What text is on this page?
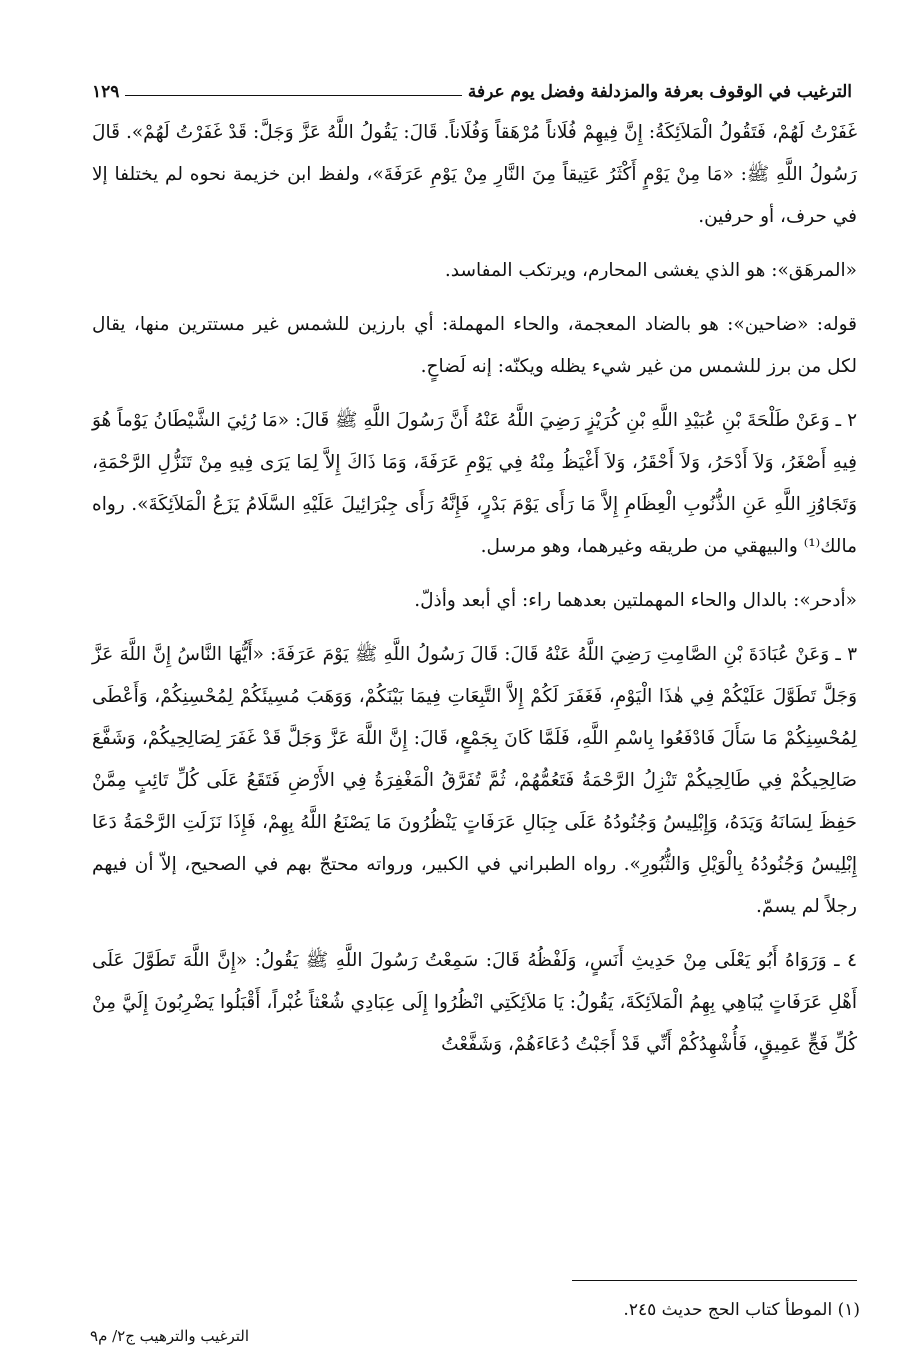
الترغيب في الوقوف بعرفة والمزدلفة وفضل يوم عرفة
١٢٩

غَفَرْتُ لَهُمْ، فَتَقُولُ الْمَلاَئِكَةُ: إِنَّ فِيهِمْ فُلَاناً مُرْهَقاً وَفُلَاناً. قَالَ: يَقُولُ اللَّهُ عَزَّ وَجَلَّ: قَدْ غَفَرْتُ لَهُمْ». قَالَ رَسُولُ اللَّهِ ﷺ: «مَا مِنْ يَوْمٍ أَكْثَرُ عَتِيقاً مِنَ النَّارِ مِنْ يَوْمِ عَرَفَةَ»، ولفظ ابن خزيمة نحوه لم يختلفا إلا في حرف، أو حرفين.

«المرهَق»: هو الذي يغشى المحارم، ويرتكب المفاسد.

قوله: «ضاحين»: هو بالضاد المعجمة، والحاء المهملة: أي بارزين للشمس غير مستترين منها، يقال لكل من برز للشمس من غير شيء يظله ويكنّه: إنه لَضاحٍ.

٢ ـ وَعَنْ طَلْحَةَ بْنِ عُبَيْدِ اللَّهِ بْنِ كُرَيْزٍ رَضِيَ اللَّهُ عَنْهُ أَنَّ رَسُولَ اللَّهِ ﷺ قَالَ: «مَا رُئِيَ الشَّيْطَانُ يَوْماً هُوَ فِيهِ أَصْغَرُ، وَلاَ أَدْحَرُ، وَلاَ أَحْقَرُ، وَلاَ أَغْيَظُ مِنْهُ فِي يَوْمِ عَرَفَةَ، وَمَا ذَاكَ إِلاَّ لِمَا يَرَى فِيهِ مِنْ تَنَزُّلِ الرَّحْمَةِ، وَتَجَاوُزِ اللَّهِ عَنِ الذُّنُوبِ الْعِظَامِ إِلاَّ مَا رَأَى يَوْمَ بَدْرٍ، فَإِنَّهُ رَأَى جِبْرَائِيلَ عَلَيْهِ السَّلَامُ يَزَعُ الْمَلاَئِكَةَ». رواه مالك⁽¹⁾ والبيهقي من طريقه وغيرهما، وهو مرسل.

«أدحر»: بالدال والحاء المهملتين بعدهما راء: أي أبعد وأذلّ.

٣ ـ وَعَنْ عُبَادَةَ بْنِ الصَّامِتِ رَضِيَ اللَّهُ عَنْهُ قَالَ: قَالَ رَسُولُ اللَّهِ ﷺ يَوْمَ عَرَفَةَ: «أَيُّهَا النَّاسُ إِنَّ اللَّهَ عَزَّ وَجَلَّ تَطَوَّلَ عَلَيْكُمْ فِي هٰذَا الْيَوْمِ، فَغَفَرَ لَكُمْ إِلاَّ التَّبِعَاتِ فِيمَا بَيْنَكُمْ، وَوَهَبَ مُسِيئَكُمْ لِمُحْسِنِكُمْ، وَأَعْطَى لِمُحْسِنِكُمْ مَا سَأَلَ فَادْفَعُوا بِاسْمِ اللَّهِ، فَلَمَّا كَانَ بِجَمْعٍ، قَالَ: إِنَّ اللَّهَ عَزَّ وَجَلَّ قَدْ غَفَرَ لِصَالِحِيكُمْ، وَشَفَّعَ صَالِحِيكُمْ فِي طَالِحِيكُمْ تَنْزِلُ الرَّحْمَةُ فَتَعُمُّهُمْ، ثُمَّ تُفَرَّقُ الْمَغْفِرَةُ فِي الأَرْضِ فَتَقَعُ عَلَى كُلِّ تَائِبٍ مِمَّنْ حَفِظَ لِسَانَهُ وَيَدَهُ، وَإِبْلِيسُ وَجُنُودُهُ عَلَى جِبَالِ عَرَفَاتٍ يَنْظُرُونَ مَا يَصْنَعُ اللَّهُ بِهِمْ، فَإِذَا نَزَلَتِ الرَّحْمَةُ دَعَا إِبْلِيسُ وَجُنُودُهُ بِالْوَيْلِ وَالثُّبُورِ». رواه الطبراني في الكبير، ورواته محتجّ بهم في الصحيح، إلاّ أن فيهم رجلاً لم يسمّ.

٤ ـ وَرَوَاهُ أَبُو يَعْلَى مِنْ حَدِيثِ أَنَسٍ، وَلَفْظُهُ قَالَ: سَمِعْتُ رَسُولَ اللَّهِ ﷺ يَقُولُ: «إِنَّ اللَّهَ تَطَوَّلَ عَلَى أَهْلِ عَرَفَاتٍ يُبَاهِي بِهِمُ الْمَلاَئِكَةَ، يَقُولُ: يَا مَلاَئِكَتِي انْظُرُوا إِلَى عِبَادِي شُعْثاً غُبْراً، أَقْبَلُوا يَضْرِبُونَ إِلَيَّ مِنْ كُلِّ فَجٍّ عَمِيقٍ، فَأُشْهِدُكُمْ أَنِّي قَدْ أَجَبْتُ دُعَاءَهُمْ، وَشَفَّعْتُ

(١) الموطأ كتاب الحج حديث ٢٤٥.
الترغيب والترهيب ج٢/ م٩
